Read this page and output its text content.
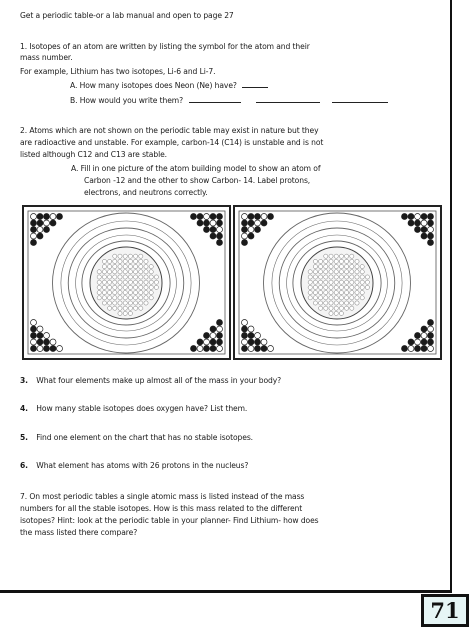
Get a periodic table-or a lab manual and open to page 27
1. Isotopes of an atom are written by listing the symbol for the atom and their
mass number.
For example, Lithium has two isotopes, Li-6 and Li-7.
A. How many isotopes does Neon (Ne) have?
B. How would you write them?
2. Atoms which are not shown on the periodic table may exist in nature but they
are radioactive and unstable. For example, carbon-14 (C14) is unstable and is not
listed although C12 and C13 are stable.
A. Fill in one picture of the atom building model to show an atom of
Carbon -12 and the other to show Carbon- 14. Label protons,
electrons, and neutrons correctly.
3. What four elements make up almost all of the mass in your body?
4. How many stable isotopes does oxygen have? List them.
5. Find one element on the chart that has no stable isotopes.
6. What element has atoms with 26 protons in the nucleus?
7. On most periodic tables a single atomic mass is listed instead of the mass
numbers for all the stable isotopes. How is this mass related to the different
isotopes? Hint: look at the periodic table in your planner- Find Lithium- how does
the mass listed there compare?
71
